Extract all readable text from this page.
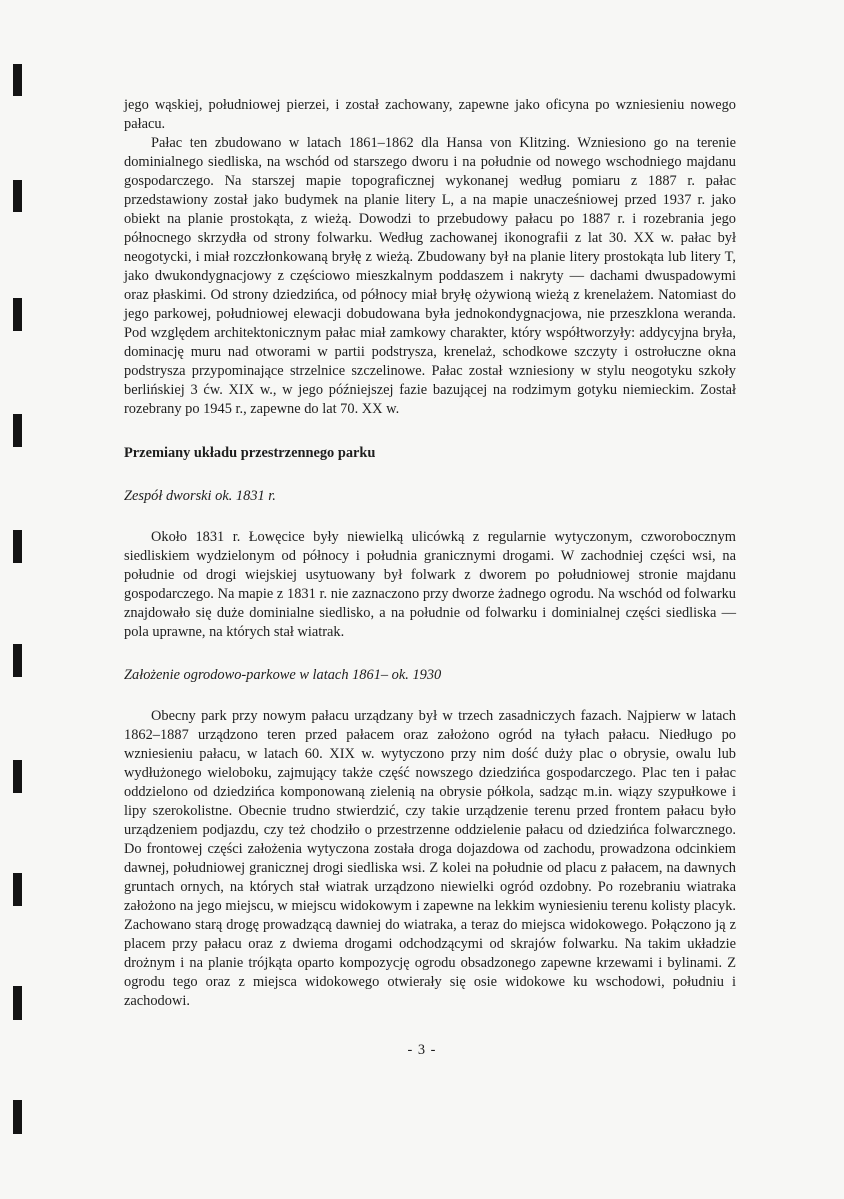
jego wąskiej, południowej pierzei, i został zachowany, zapewne jako oficyna po wzniesieniu nowego pałacu.

Pałac ten zbudowano w latach 1861–1862 dla Hansa von Klitzing. Wzniesiono go na terenie dominialnego siedliska, na wschód od starszego dworu i na południe od nowego wschodniego majdanu gospodarczego. Na starszej mapie topograficznej wykonanej według pomiaru z 1887 r. pałac przedstawiony został jako budymek na planie litery L, a na mapie unacześniowej przed 1937 r. jako obiekt na planie prostokąta, z wieżą. Dowodzi to przebudowy pałacu po 1887 r. i rozebrania jego północnego skrzydła od strony folwarku. Według zachowanej ikonografii z lat 30. XX w. pałac był neogotycki, i miał rozczłonkowaną bryłę z wieżą. Zbudowany był na planie litery prostokąta lub litery T, jako dwukondygnacjowy z częściowo mieszkalnym poddaszem i nakryty — dachami dwuspadowymi oraz płaskimi. Od strony dziedzińca, od północy miał bryłę ożywioną wieżą z krenelażem. Natomiast do jego parkowej, południowej elewacji dobudowana była jednokondygnacjowa, nie przeszklona weranda. Pod względem architektonicznym pałac miał zamkowy charakter, który współtworzyły: addycyjna bryła, dominację muru nad otworami w partii podstrysza, krenelaż, schodkowe szczyty i ostrołuczne okna podstrysza przypominające strzelnice szczelinowe. Pałac został wzniesiony w stylu neogotyku szkoły berlińskiej 3 ćw. XIX w., w jego późniejszej fazie bazującej na rodzimym gotyku niemieckim. Został rozebrany po 1945 r., zapewne do lat 70. XX w.

Przemiany układu przestrzennego parku
Zespół dworski ok. 1831 r.

Około 1831 r. Łowęcice były niewielką ulicówką z regularnie wytyczonym, czworobocznym siedliskiem wydzielonym od północy i południa granicznymi drogami. W zachodniej części wsi, na południe od drogi wiejskiej usytuowany był folwark z dworem po południowej stronie majdanu gospodarczego. Na mapie z 1831 r. nie zaznaczono przy dworze żadnego ogrodu. Na wschód od folwarku znajdowało się duże dominialne siedlisko, a na południe od folwarku i dominialnej części siedliska — pola uprawne, na których stał wiatrak.

Założenie ogrodowo-parkowe w latach 1861– ok. 1930

Obecny park przy nowym pałacu urządzany był w trzech zasadniczych fazach. Najpierw w latach 1862–1887 urządzono teren przed pałacem oraz założono ogród na tyłach pałacu. Niedługo po wzniesieniu pałacu, w latach 60. XIX w. wytyczono przy nim dość duży plac o obrysie, owalu lub wydłużonego wieloboku, zajmujący także część nowszego dziedzińca gospodarczego. Plac ten i pałac oddzielono od dziedzińca komponowaną zielenią na obrysie półkola, sadząc m.in. wiązy szypułkowe i lipy szerokolistne. Obecnie trudno stwierdzić, czy takie urządzenie terenu przed frontem pałacu było urządzeniem podjazdu, czy też chodziło o przestrzenne oddzielenie pałacu od dziedzińca folwarcznego. Do frontowej części założenia wytyczona została droga dojazdowa od zachodu, prowadzona odcinkiem dawnej, południowej granicznej drogi siedliska wsi. Z kolei na południe od placu z pałacem, na dawnych gruntach ornych, na których stał wiatrak urządzono niewielki ogród ozdobny. Po rozebraniu wiatraka założono na jego miejscu, w miejscu widokowym i zapewne na lekkim wyniesieniu terenu kolisty placyk. Zachowano starą drogę prowadzącą dawniej do wiatraka, a teraz do miejsca widokowego. Połączono ją z placem przy pałacu oraz z dwiema drogami odchodzącymi od skrajów folwarku. Na takim układzie drożnym i na planie trójkąta oparto kompozycję ogrodu obsadzonego zapewne krzewami i bylinami. Z ogrodu tego oraz z miejsca widokowego otwierały się osie widokowe ku wschodowi, południu i zachodowi.

- 3 -
